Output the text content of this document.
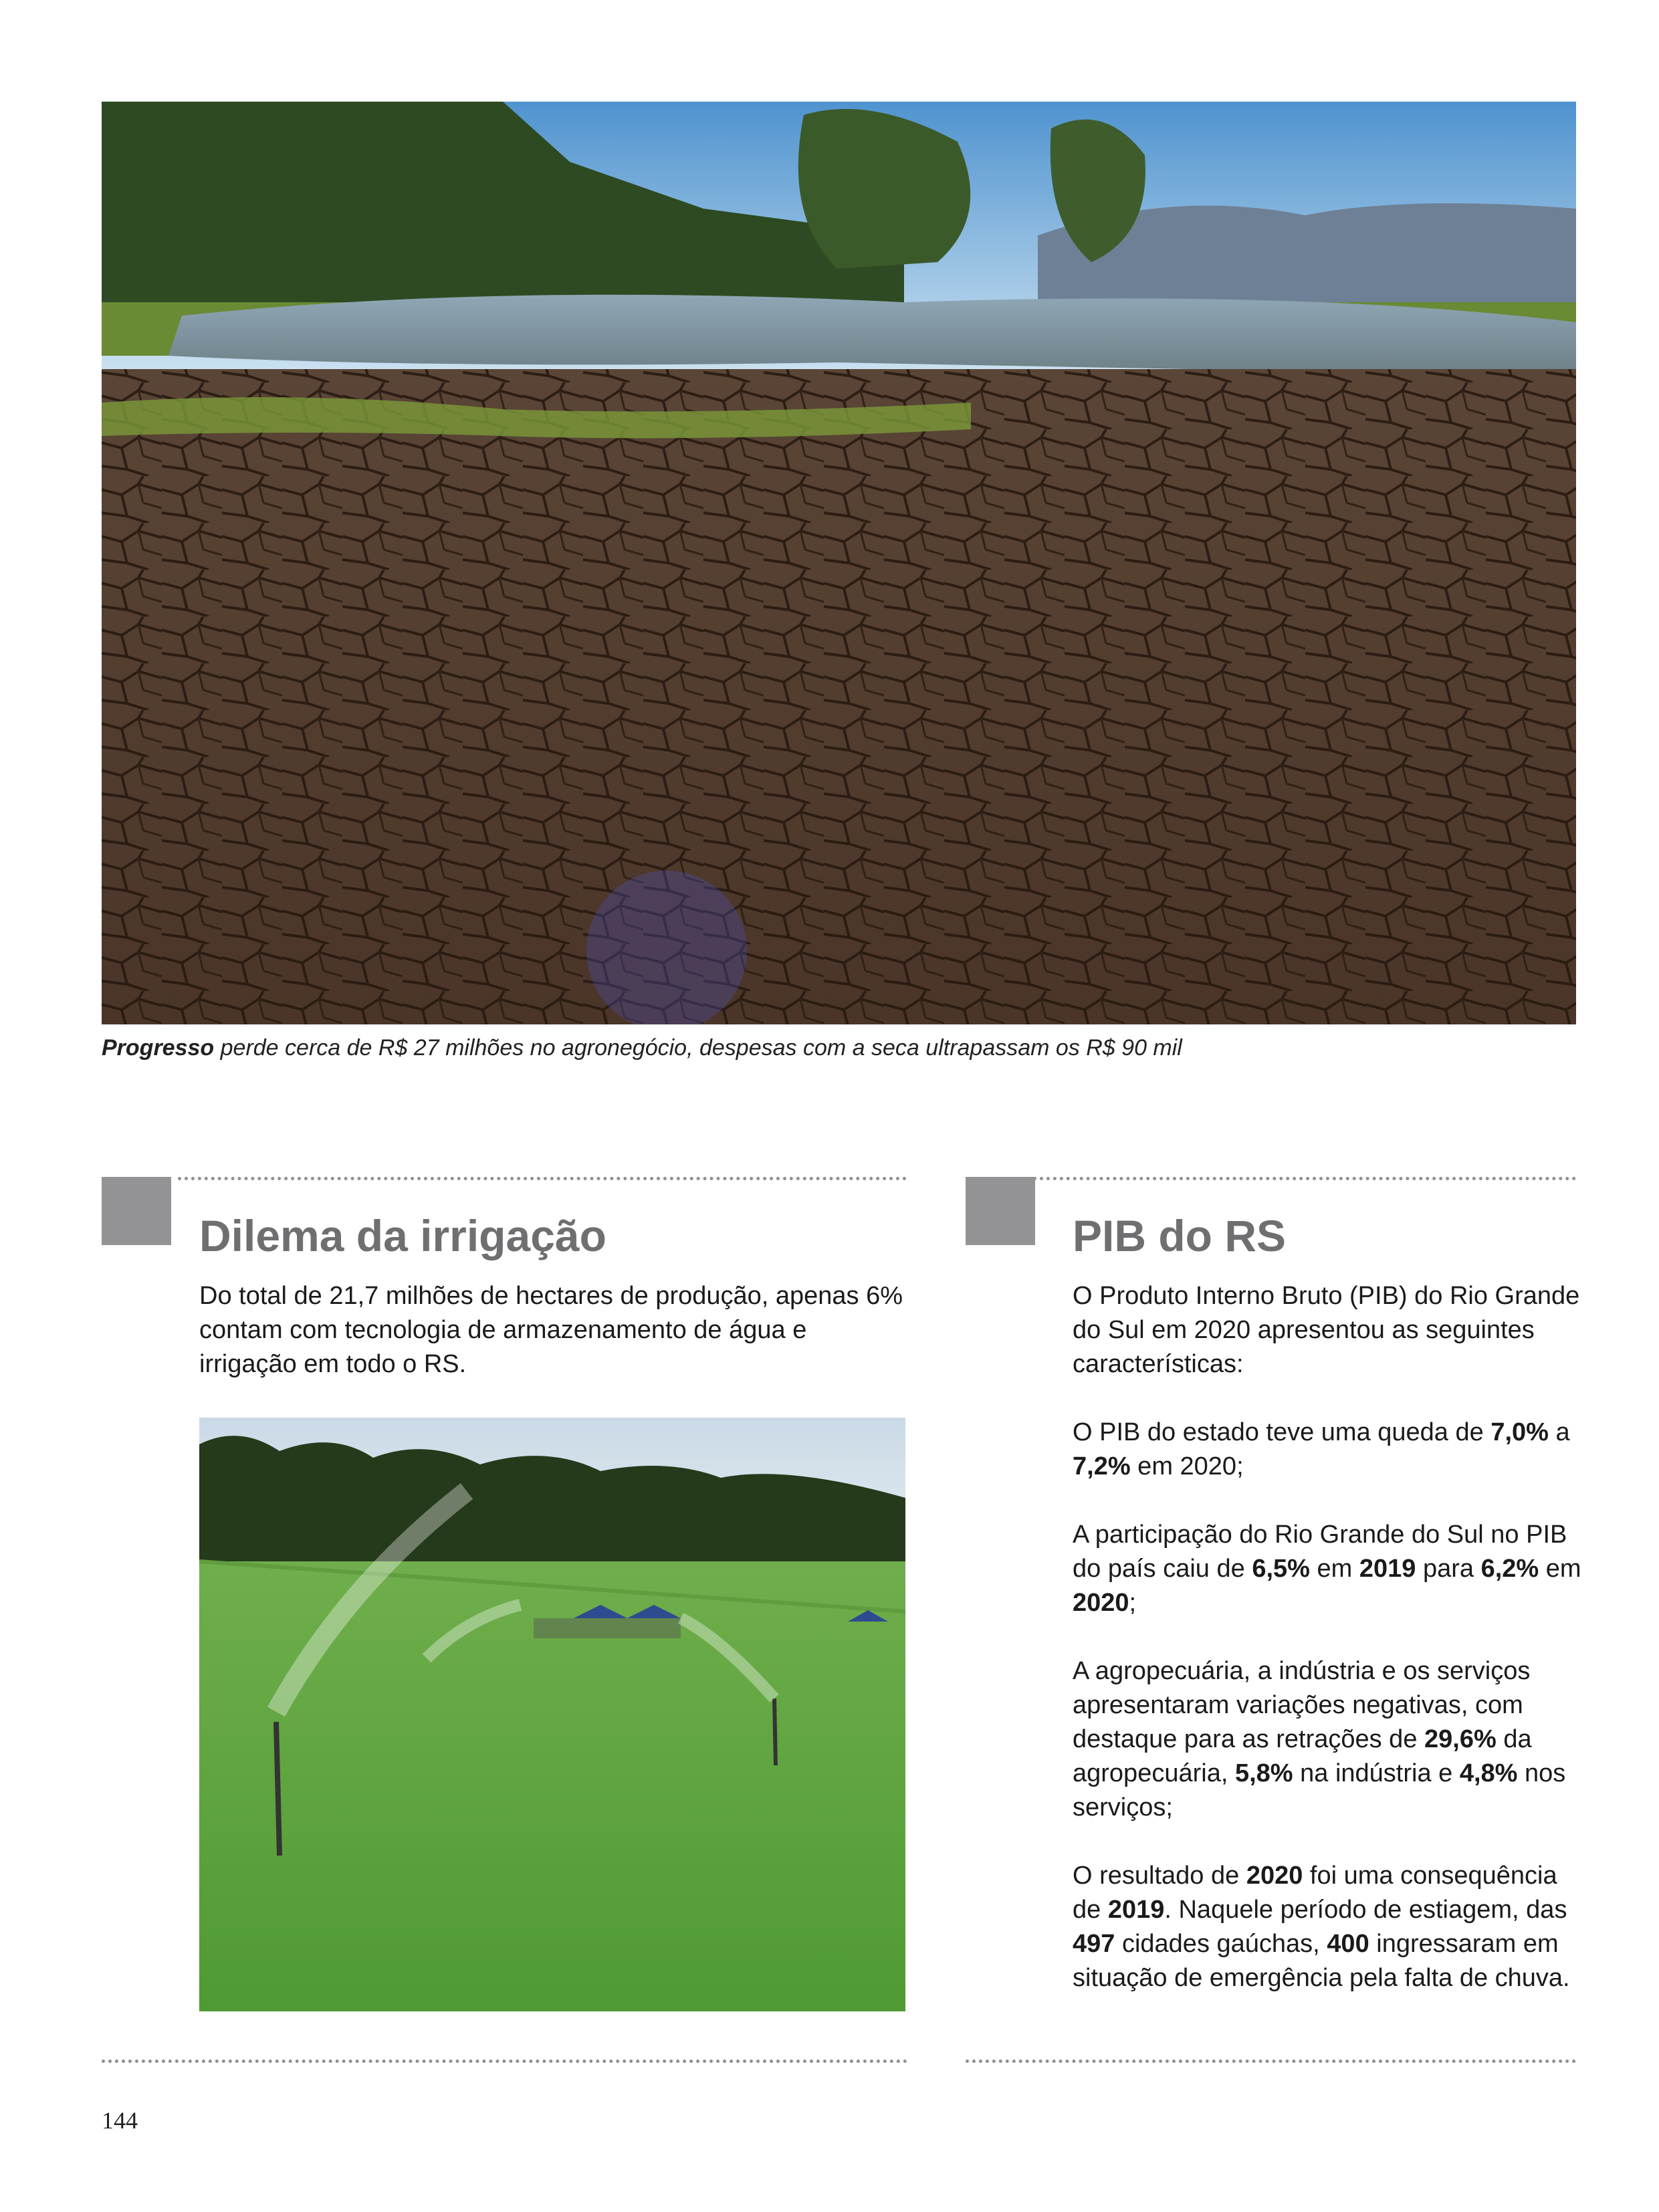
Progresso perde cerca de R$ 27 milhões no agronegócio, despesas com a seca ultrapassam os R$ 90 mil
Dilema da irrigação
Do total de 21,7 milhões de hectares de produção, apenas 6% contam com tecnologia de armazenamento de água e irrigação em todo o RS.
PIB do RS

O Produto Interno Bruto (PIB) do Rio Grande do Sul em 2020 apresentou as seguintes características:

O PIB do estado teve uma queda de 7,0% a 7,2% em 2020;

A participação do Rio Grande do Sul no PIB do país caiu de 6,5% em 2019 para 6,2% em 2020;

A agropecuária, a indústria e os serviços apresentaram variações negativas, com destaque para as retrações de 29,6% da agropecuária, 5,8% na indústria e 4,8% nos serviços;

O resultado de 2020 foi uma consequência de 2019. Naquele período de estiagem, das 497 cidades gaúchas, 400 ingressaram em situação de emergência pela falta de chuva.

144
